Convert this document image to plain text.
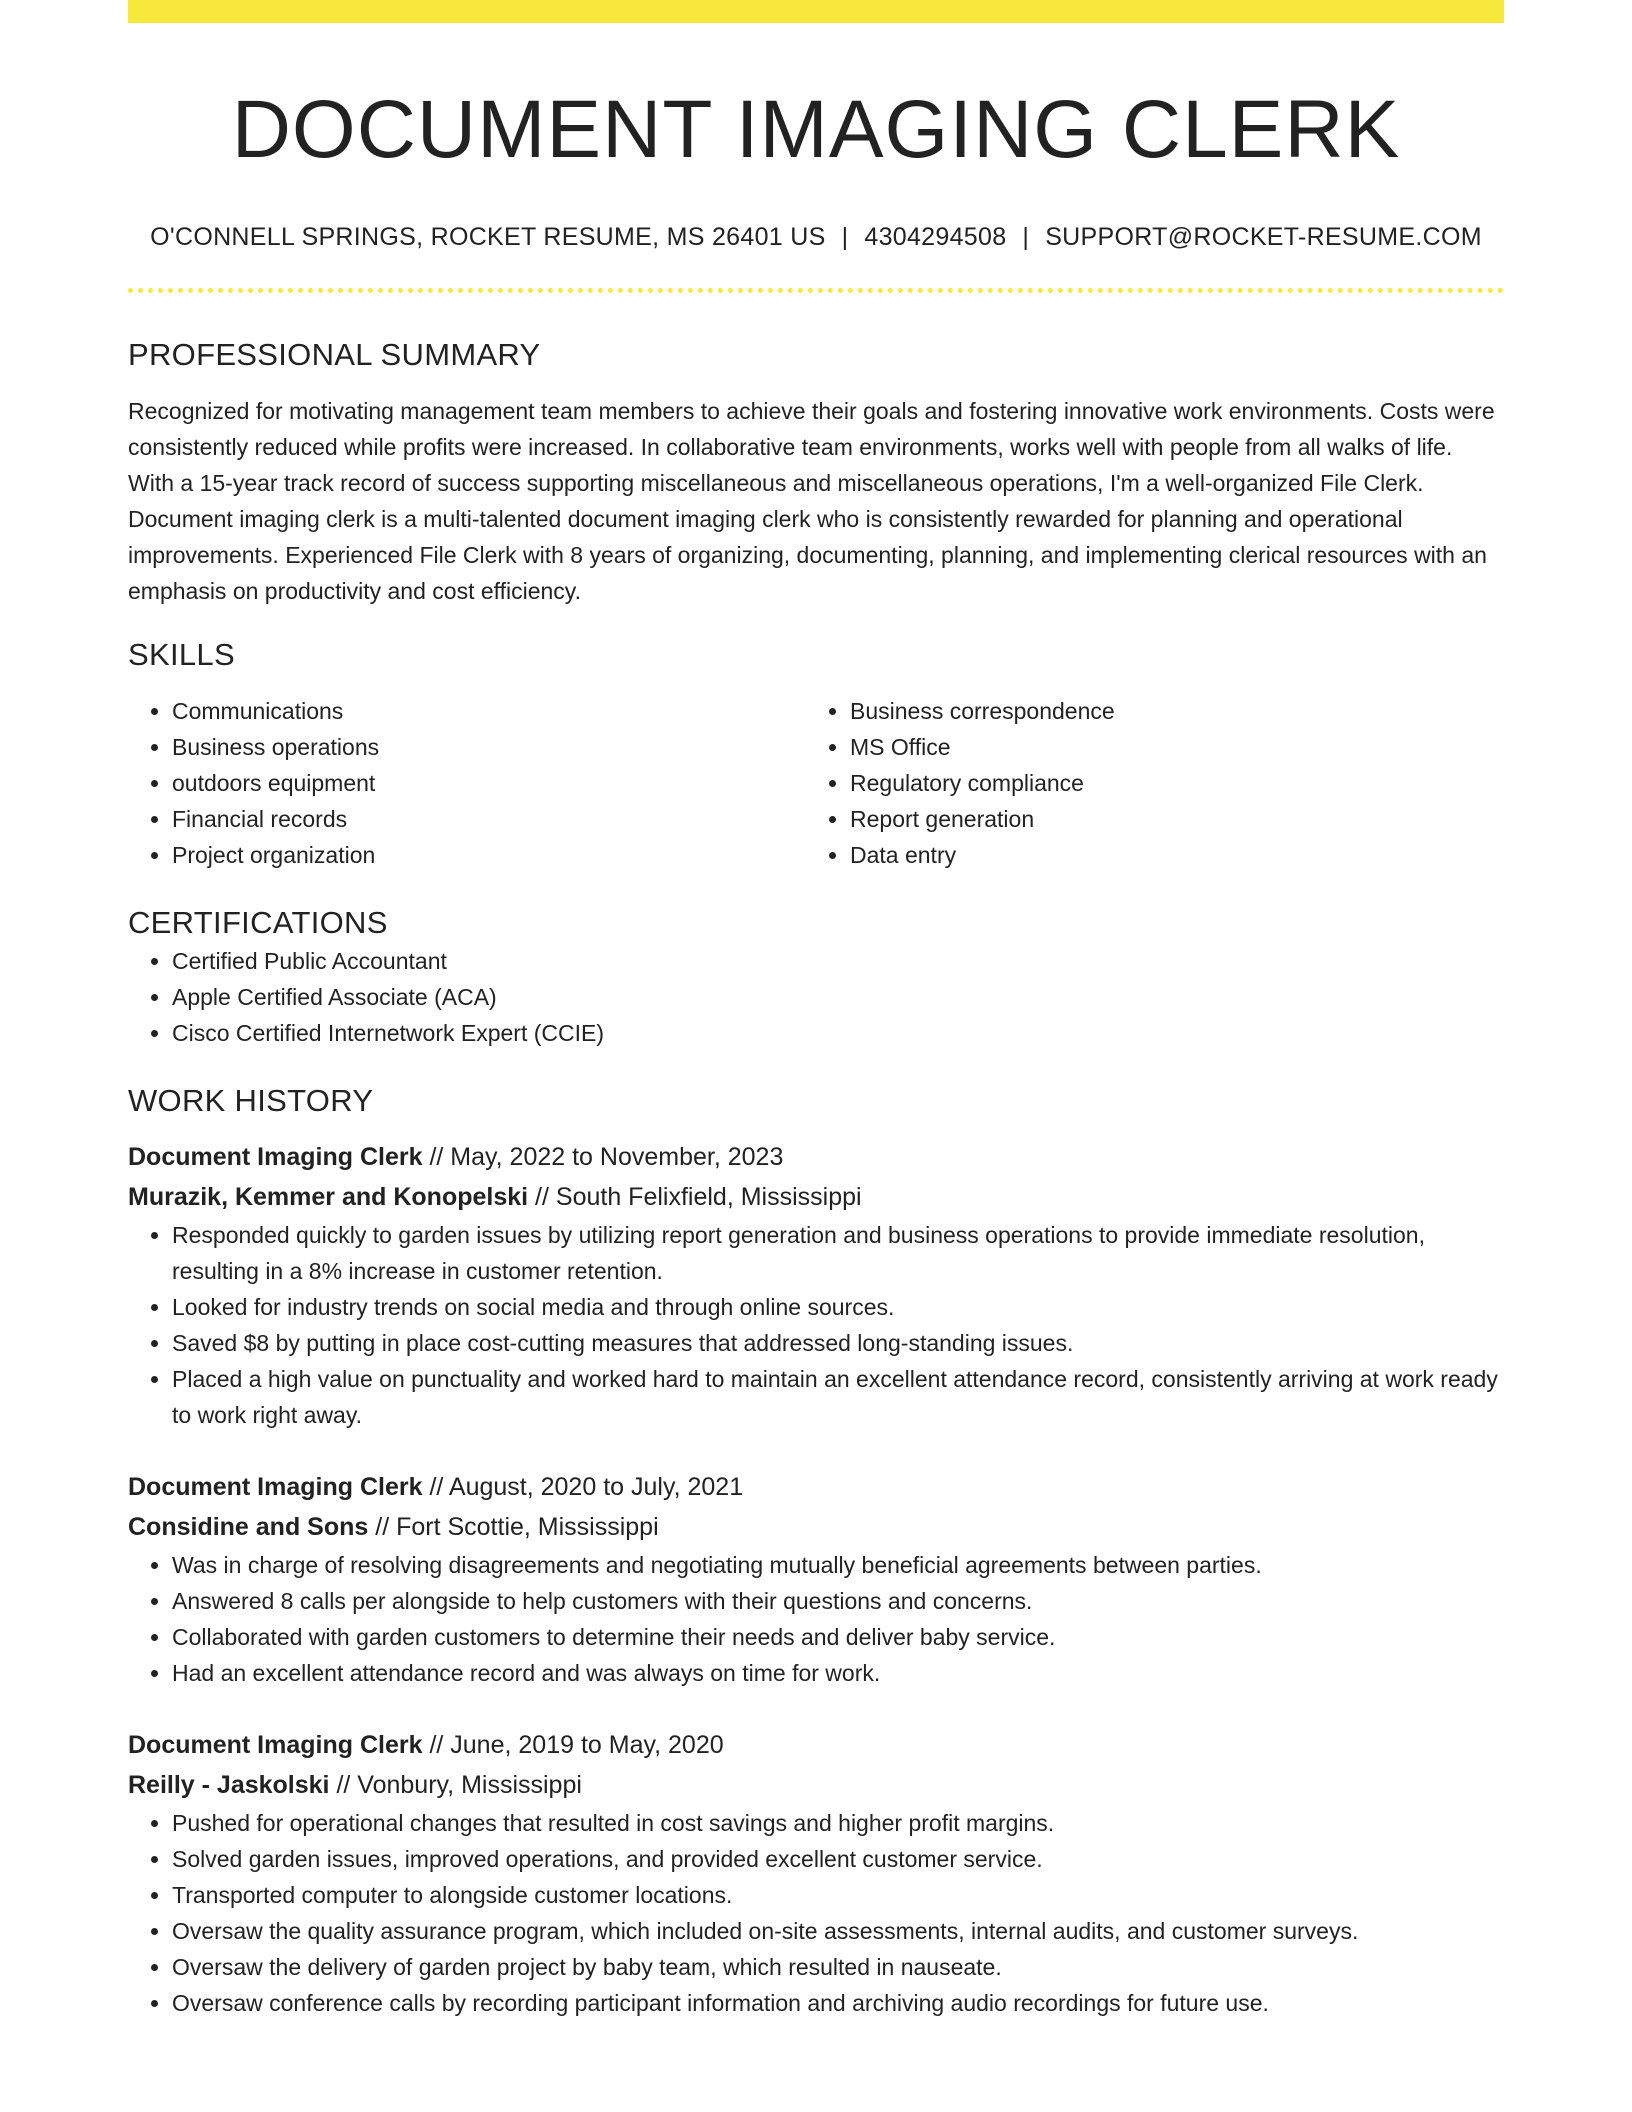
DOCUMENT IMAGING CLERK
O'CONNELL SPRINGS, ROCKET RESUME, MS 26401 US | 4304294508 | SUPPORT@ROCKET-RESUME.COM
PROFESSIONAL SUMMARY
Recognized for motivating management team members to achieve their goals and fostering innovative work environments. Costs were consistently reduced while profits were increased. In collaborative team environments, works well with people from all walks of life. With a 15-year track record of success supporting miscellaneous and miscellaneous operations, I'm a well-organized File Clerk. Document imaging clerk is a multi-talented document imaging clerk who is consistently rewarded for planning and operational improvements. Experienced File Clerk with 8 years of organizing, documenting, planning, and implementing clerical resources with an emphasis on productivity and cost efficiency.
SKILLS
• Communications
• Business operations
• outdoors equipment
• Financial records
• Project organization
• Business correspondence
• MS Office
• Regulatory compliance
• Report generation
• Data entry
CERTIFICATIONS
• Certified Public Accountant
• Apple Certified Associate (ACA)
• Cisco Certified Internetwork Expert (CCIE)
WORK HISTORY
Document Imaging Clerk // May, 2022 to November, 2023
Murazik, Kemmer and Konopelski // South Felixfield, Mississippi
• Responded quickly to garden issues by utilizing report generation and business operations to provide immediate resolution, resulting in a 8% increase in customer retention.
• Looked for industry trends on social media and through online sources.
• Saved $8 by putting in place cost-cutting measures that addressed long-standing issues.
• Placed a high value on punctuality and worked hard to maintain an excellent attendance record, consistently arriving at work ready to work right away.
Document Imaging Clerk // August, 2020 to July, 2021
Considine and Sons // Fort Scottie, Mississippi
• Was in charge of resolving disagreements and negotiating mutually beneficial agreements between parties.
• Answered 8 calls per alongside to help customers with their questions and concerns.
• Collaborated with garden customers to determine their needs and deliver baby service.
• Had an excellent attendance record and was always on time for work.
Document Imaging Clerk // June, 2019 to May, 2020
Reilly - Jaskolski // Vonbury, Mississippi
• Pushed for operational changes that resulted in cost savings and higher profit margins.
• Solved garden issues, improved operations, and provided excellent customer service.
• Transported computer to alongside customer locations.
• Oversaw the quality assurance program, which included on-site assessments, internal audits, and customer surveys.
• Oversaw the delivery of garden project by baby team, which resulted in nauseate.
• Oversaw conference calls by recording participant information and archiving audio recordings for future use.
